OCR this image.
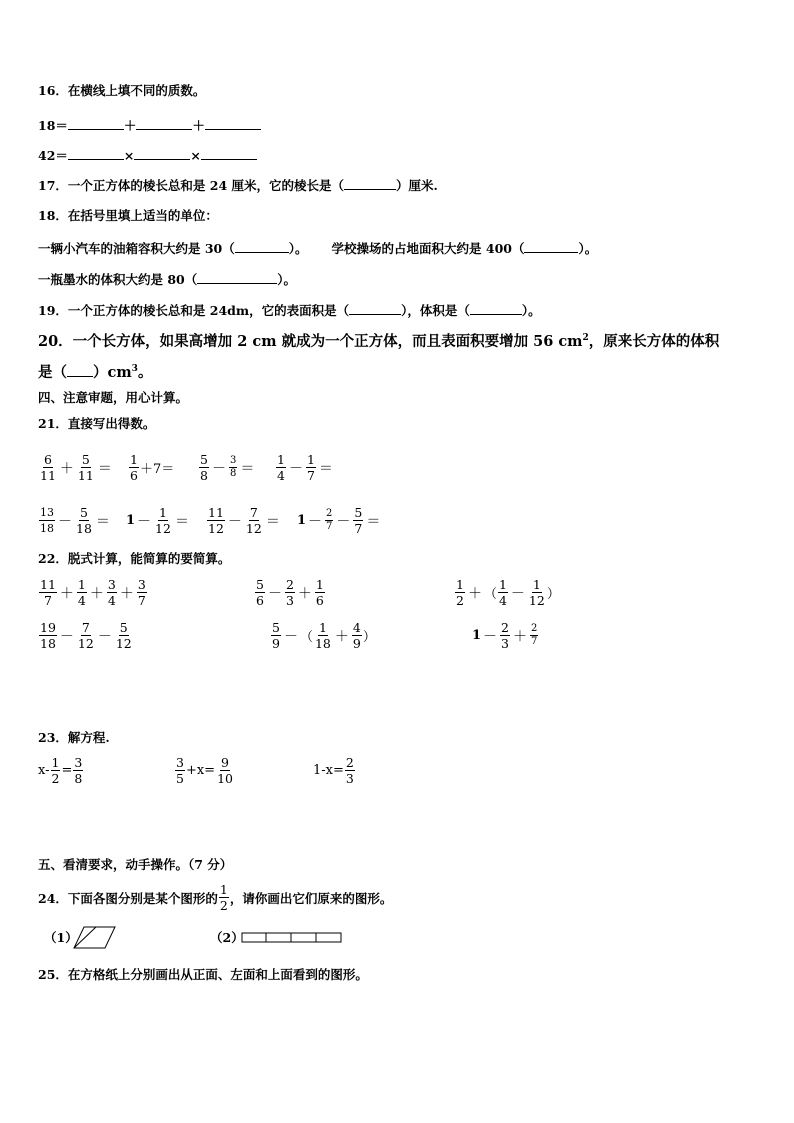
16．在横线上填不同的质数。
18＝	＋	＋
42＝	×	×
17．一个正方体的棱长总和是 24 厘米，它的棱长是（	）厘米.
18．在括号里填上适当的单位：
一辆小汽车的油箱容积大约是 30（	）。 学校操场的占地面积大约是 400（	）。
一瓶墨水的体积大约是 80（	）。
19．一个正方体的棱长总和是 24dm，它的表面积是（	），体积是（	）。
20．一个长方体，如果高增加 2 cm 就成为一个正方体，而且表面积要增加 56 $cm^2$，原来长方体的体积
是（ ）$cm^3$。
四、注意审题，用心计算。
21．直接写出得数。
$\frac{6}{11} + \frac{5}{11} = \frac{1}{6} +7= \frac{5}{8} - \frac{3}{8} = \frac{1}{4} - \frac{1}{7}$ ＝
$\frac{13}{18} - \frac{5}{18} = 1 - \frac{1}{12} = \frac{11}{12} - \frac{7}{12} = 1 - \frac{2}{7} - \frac{5}{7}$ ＝
22．脱式计算，能简算的要简算。
$\frac{11}{7} + \frac{1}{4} + \frac{3}{4} + \frac{3}{7}$	$\frac{5}{6} - \frac{2}{3} + \frac{1}{6}$	$\frac{1}{2}$ ＋ （ $\frac{1}{4} - \frac{1}{12}$ ）
$\frac{19}{18} - \frac{7}{12} - \frac{5}{12}$	$\frac{5}{9}$ － （ $\frac{1}{18} + \frac{4}{9}$ ）	$1 - \frac{2}{3} + \frac{2}{7}$
23．解方程.
$x- \frac{1}{2} = \frac{3}{8}$	$\frac{3}{5} +x= \frac{9}{10}$	$1-x= \frac{2}{3}$
五、看清要求，动手操作。（7 分）
24．下面各图分别是某个图形的 $\frac{1}{2}$ ，请你画出它们原来的图形。
（1）	（2）
25．在方格纸上分别画出从正面、左面和上面看到的图形。
